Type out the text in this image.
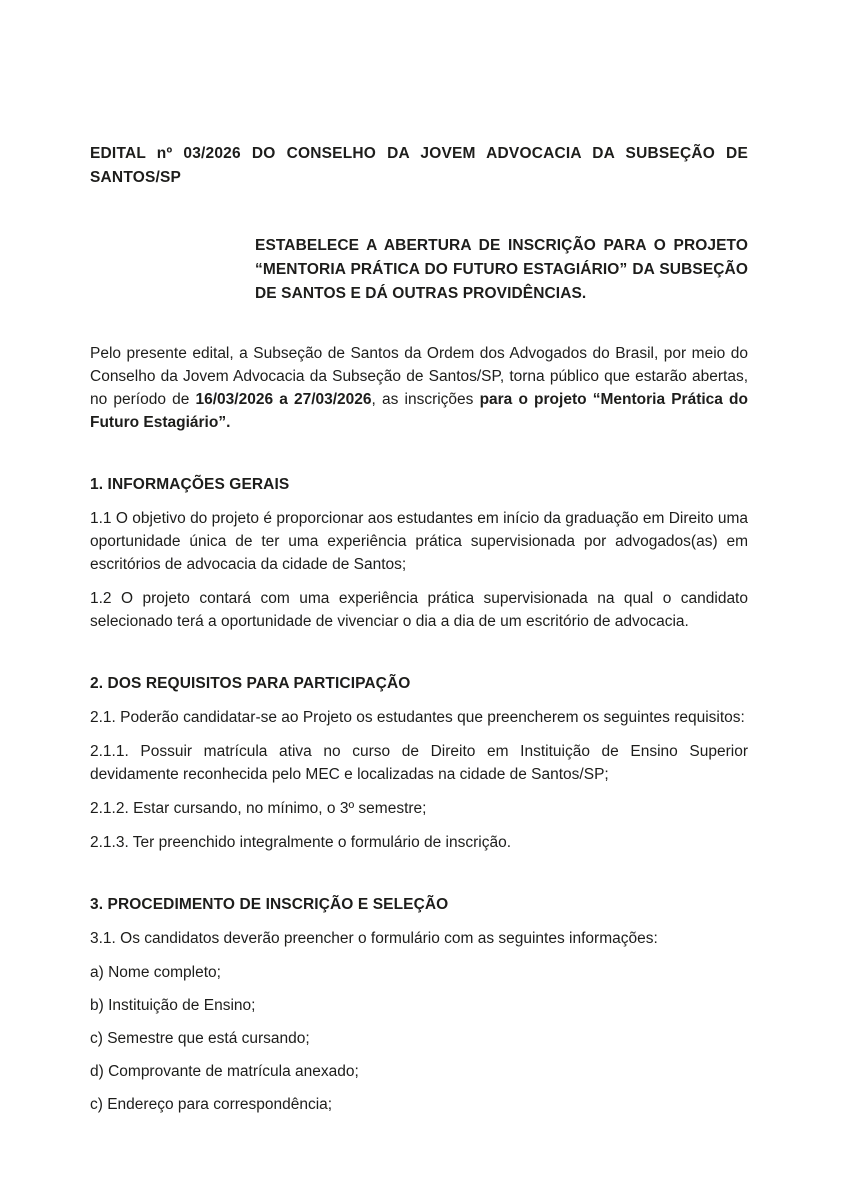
EDITAL nº 03/2026 DO CONSELHO DA JOVEM ADVOCACIA DA SUBSEÇÃO DE SANTOS/SP
ESTABELECE A ABERTURA DE INSCRIÇÃO PARA O PROJETO “MENTORIA PRÁTICA DO FUTURO ESTAGIÁRIO” DA SUBSEÇÃO DE SANTOS E DÁ OUTRAS PROVIDÊNCIAS.

Pelo presente edital, a Subseção de Santos da Ordem dos Advogados do Brasil, por meio do Conselho da Jovem Advocacia da Subseção de Santos/SP, torna público que estarão abertas, no período de 16/03/2026 a 27/03/2026, as inscrições para o projeto “Mentoria Prática do Futuro Estagiário”.

1. INFORMAÇÕES GERAIS

1.1 O objetivo do projeto é proporcionar aos estudantes em início da graduação em Direito uma oportunidade única de ter uma experiência prática supervisionada por advogados(as) em escritórios de advocacia da cidade de Santos;

1.2 O projeto contará com uma experiência prática supervisionada na qual o candidato selecionado terá a oportunidade de vivenciar o dia a dia de um escritório de advocacia.

2. DOS REQUISITOS PARA PARTICIPAÇÃO

2.1. Poderão candidatar-se ao Projeto os estudantes que preencherem os seguintes requisitos:

2.1.1. Possuir matrícula ativa no curso de Direito em Instituição de Ensino Superior devidamente reconhecida pelo MEC e localizadas na cidade de Santos/SP;

2.1.2. Estar cursando, no mínimo, o 3º semestre;

2.1.3. Ter preenchido integralmente o formulário de inscrição.

3. PROCEDIMENTO DE INSCRIÇÃO E SELEÇÃO

3.1. Os candidatos deverão preencher o formulário com as seguintes informações:

a) Nome completo;

b) Instituição de Ensino;

c) Semestre que está cursando;

d) Comprovante de matrícula anexado;

c) Endereço para correspondência;
